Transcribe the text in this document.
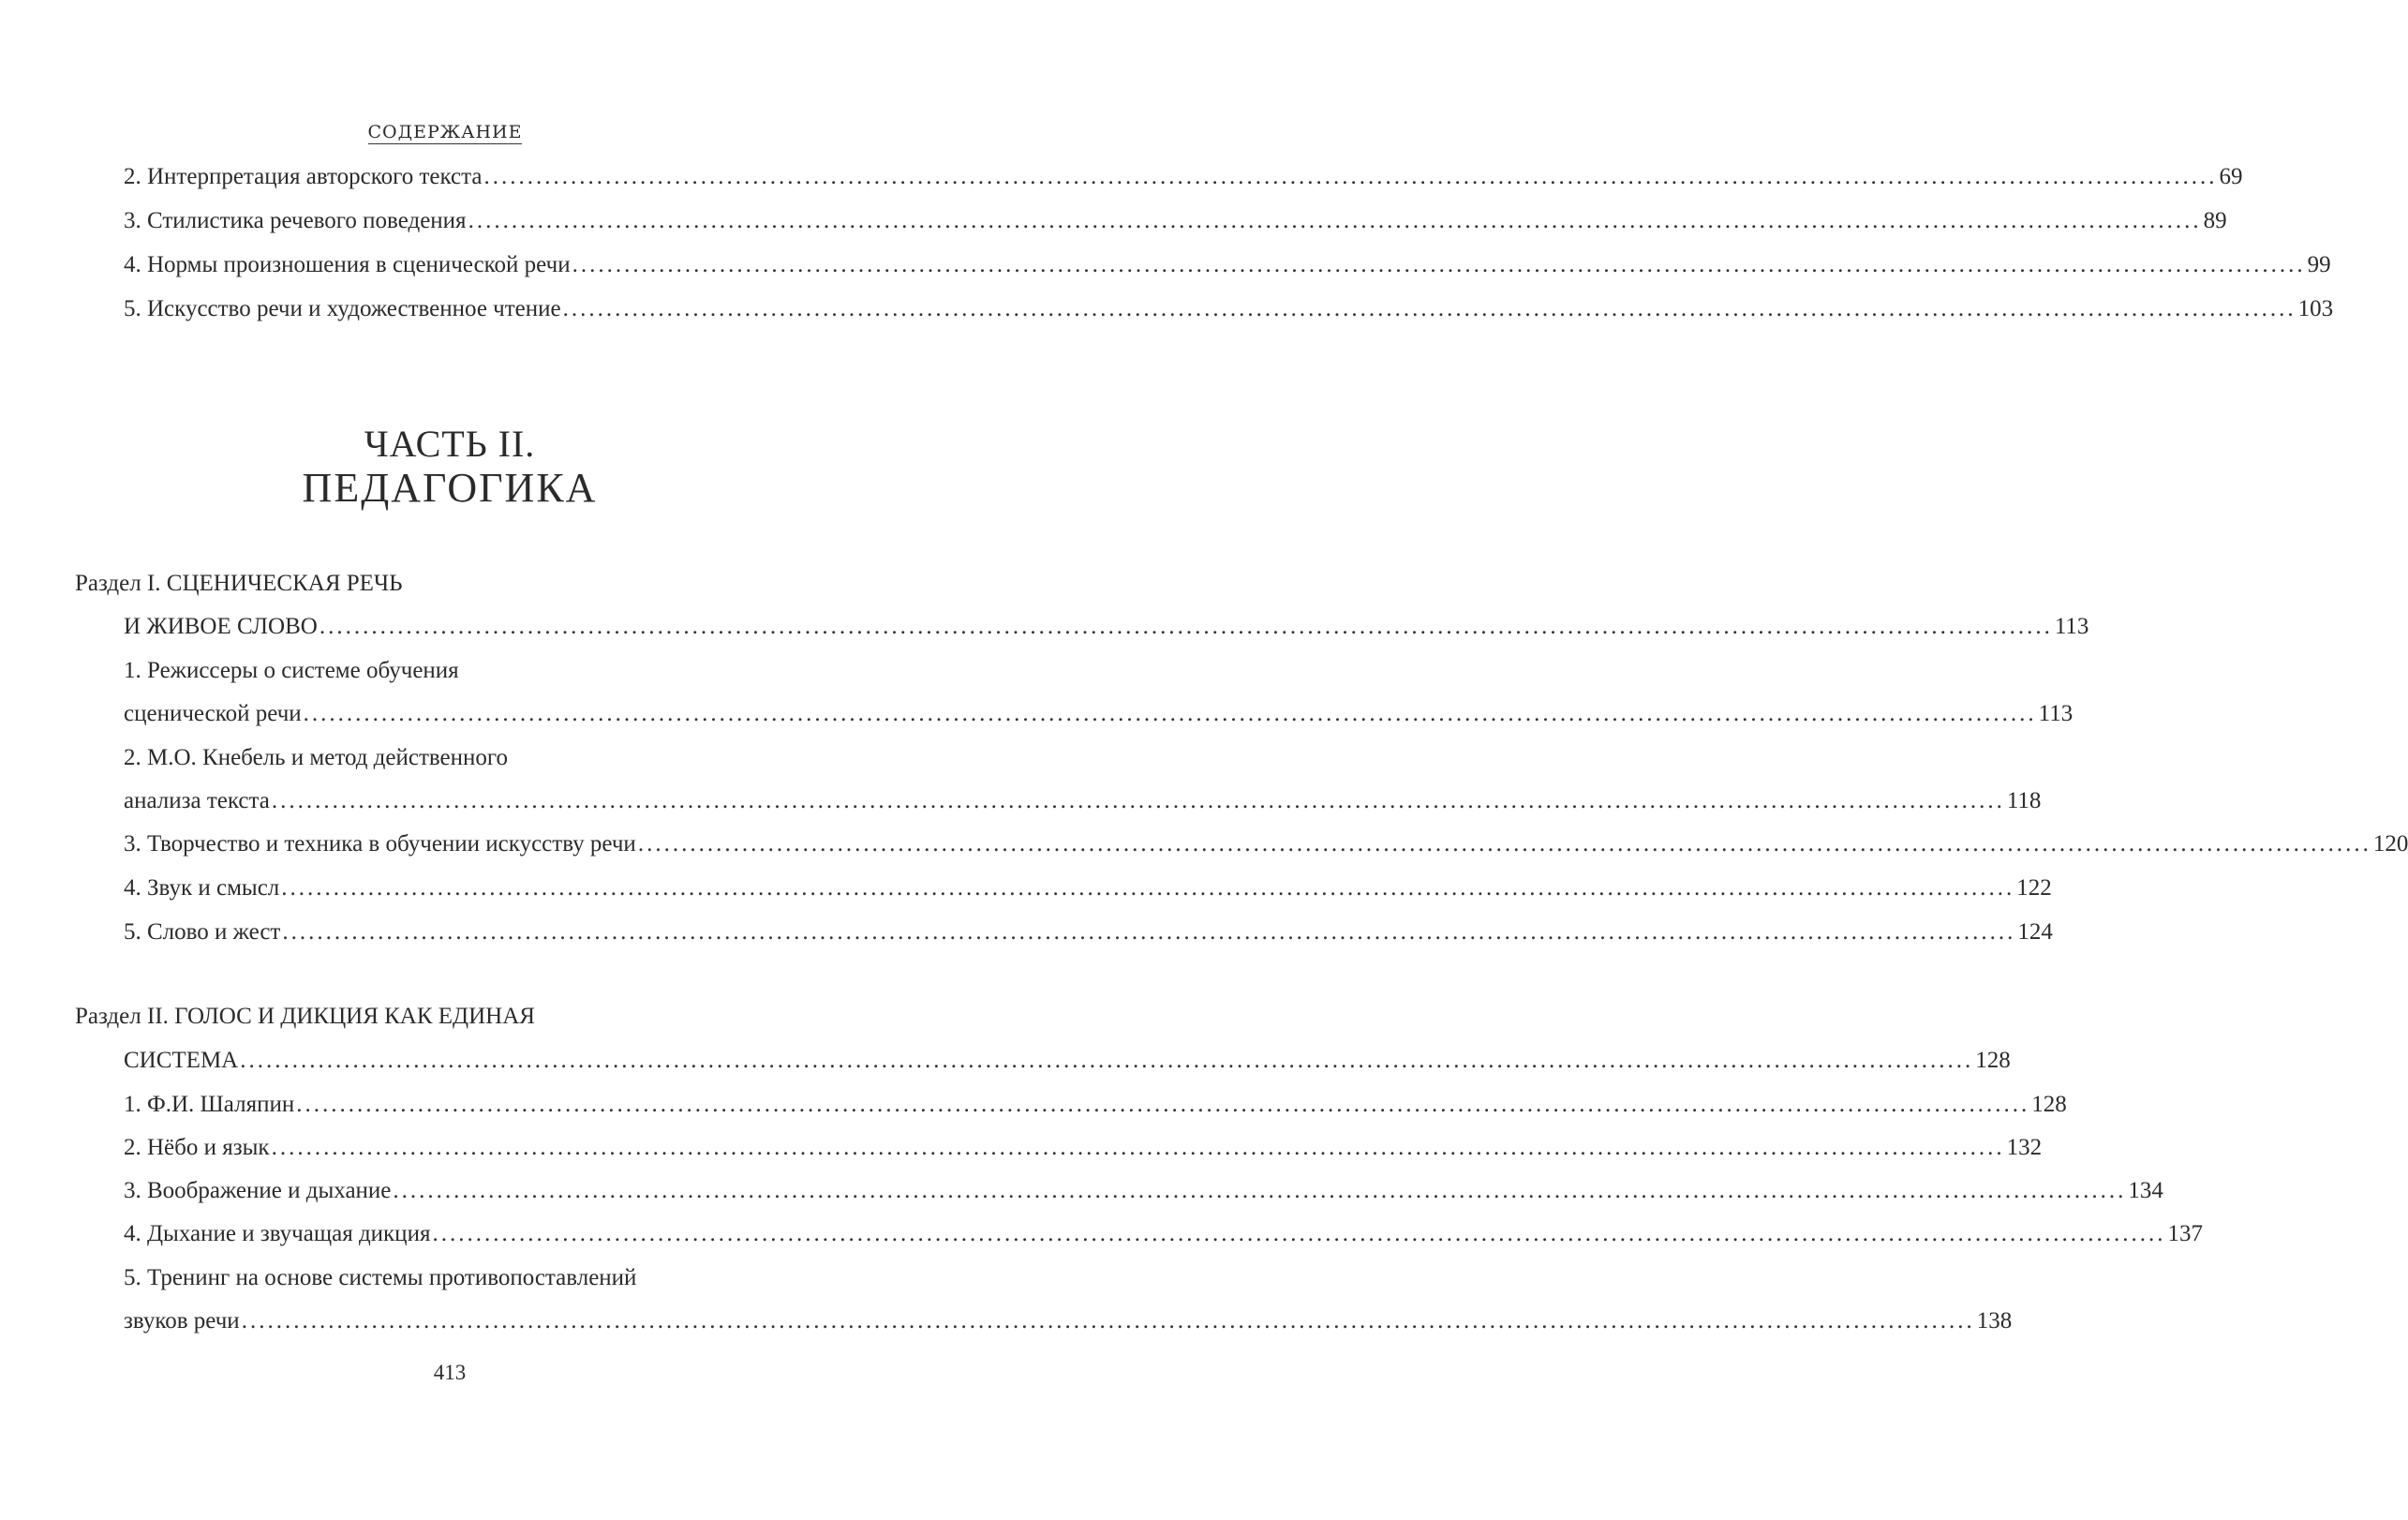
СОДЕРЖАНИЕ
2. Интерпретация авторского текста ........................................................................................................................................................................................................ 69
3. Стилистика речевого поведения ........................................................................................................................................................................................................ 89
4. Нормы произношения в сценической речи ........................................................................................................................................................................................................ 99
5. Искусство речи и художественное чтение ........................................................................................................................................................................................................ 103
ЧАСТЬ II.
ПЕДАГОГИКА
Раздел I. СЦЕНИЧЕСКАЯ РЕЧЬ
И ЖИВОЕ СЛОВО ........................................................................................................................................................................................................ 113
1. Режиссеры о системе обучения
сценической речи ........................................................................................................................................................................................................ 113
2. М.О. Кнебель и метод действенного
анализа текста ........................................................................................................................................................................................................ 118
3. Творчество и техника в обучении искусству речи ........................................................................................................................................................................................................ 120
4. Звук и смысл ........................................................................................................................................................................................................ 122
5. Слово и жест ........................................................................................................................................................................................................ 124
Раздел II. ГОЛОС И ДИКЦИЯ КАК ЕДИНАЯ
СИСТЕМА ........................................................................................................................................................................................................ 128
1. Ф.И. Шаляпин ........................................................................................................................................................................................................ 128
2. Нёбо и язык ........................................................................................................................................................................................................ 132
3. Воображение и дыхание ........................................................................................................................................................................................................ 134
4. Дыхание и звучащая дикция ........................................................................................................................................................................................................ 137
5. Тренинг на основе системы противопоставлений
звуков речи ........................................................................................................................................................................................................ 138
413
